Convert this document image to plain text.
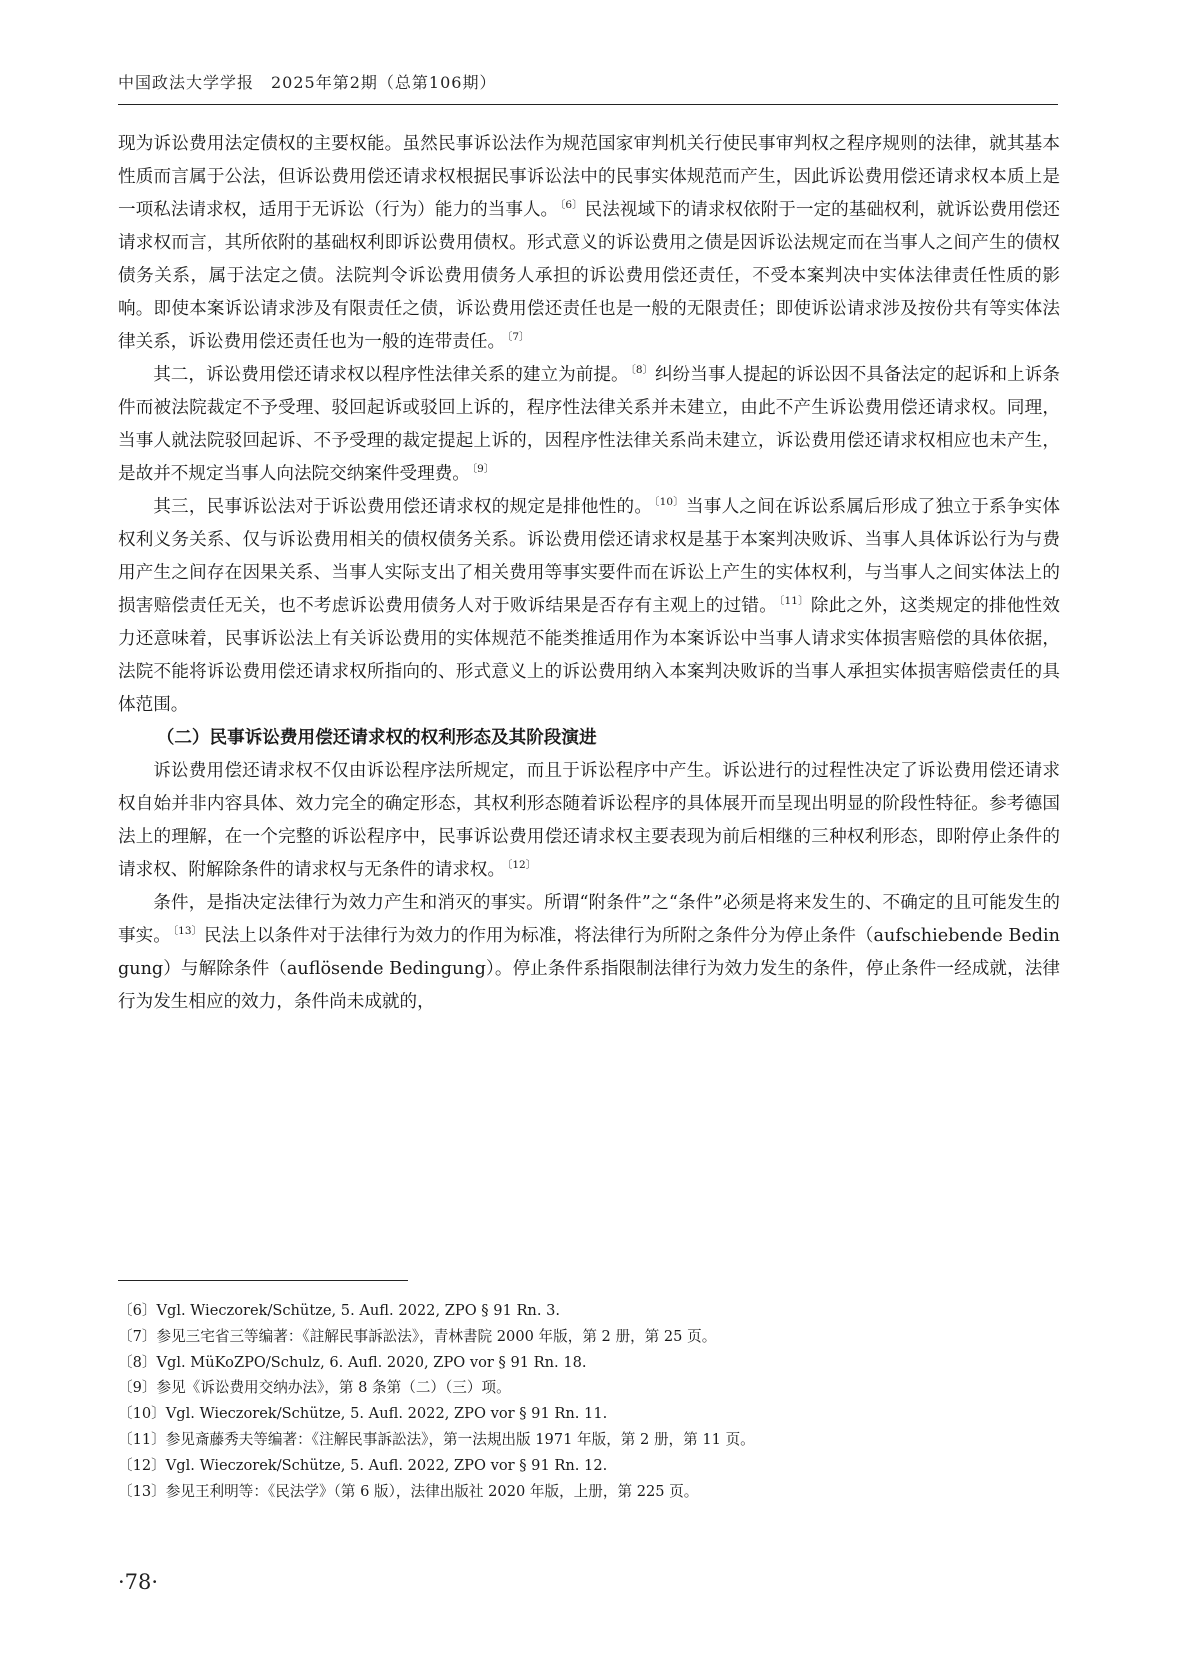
中国政法大学学报　2025年第2期（总第106期）

现为诉讼费用法定债权的主要权能。虽然民事诉讼法作为规范国家审判机关行使民事审判权之程序规则的法律，就其基本性质而言属于公法，但诉讼费用偿还请求权根据民事诉讼法中的民事实体规范而产生，因此诉讼费用偿还请求权本质上是一项私法请求权，适用于无诉讼（行为）能力的当事人。 $^{〔6〕}$ 民法视域下的请求权依附于一定的基础权利，就诉讼费用偿还请求权而言，其所依附的基础权利即诉讼费用债权。形式意义的诉讼费用之债是因诉讼法规定而在当事人之间产生的债权债务关系，属于法定之债。法院判令诉讼费用债务人承担的诉讼费用偿还责任，不受本案判决中实体法律责任性质的影响。即使本案诉讼请求涉及有限责任之债，诉讼费用偿还责任也是一般的无限责任；即使诉讼请求涉及按份共有等实体法律关系，诉讼费用偿还责任也为一般的连带责任。 $^{〔7〕}$

其二，诉讼费用偿还请求权以程序性法律关系的建立为前提。 $^{〔8〕}$ 纠纷当事人提起的诉讼因不具备法定的起诉和上诉条件而被法院裁定不予受理、驳回起诉或驳回上诉的，程序性法律关系并未建立，由此不产生诉讼费用偿还请求权。同理，当事人就法院驳回起诉、不予受理的裁定提起上诉的，因程序性法律关系尚未建立，诉讼费用偿还请求权相应也未产生，是故并不规定当事人向法院交纳案件受理费。 $^{〔9〕}$

其三，民事诉讼法对于诉讼费用偿还请求权的规定是排他性的。 $^{〔10〕}$ 当事人之间在诉讼系属后形成了独立于系争实体权利义务关系、仅与诉讼费用相关的债权债务关系。诉讼费用偿还请求权是基于本案判决败诉、当事人具体诉讼行为与费用产生之间存在因果关系、当事人实际支出了相关费用等事实要件而在诉讼上产生的实体权利，与当事人之间实体法上的损害赔偿责任无关，也不考虑诉讼费用债务人对于败诉结果是否存有主观上的过错。 $^{〔11〕}$ 除此之外，这类规定的排他性效力还意味着，民事诉讼法上有关诉讼费用的实体规范不能类推适用作为本案诉讼中当事人请求实体损害赔偿的具体依据，法院不能将诉讼费用偿还请求权所指向的、形式意义上的诉讼费用纳入本案判决败诉的当事人承担实体损害赔偿责任的具体范围。

（二）民事诉讼费用偿还请求权的权利形态及其阶段演进

诉讼费用偿还请求权不仅由诉讼程序法所规定，而且于诉讼程序中产生。诉讼进行的过程性决定了诉讼费用偿还请求权自始并非内容具体、效力完全的确定形态，其权利形态随着诉讼程序的具体展开而呈现出明显的阶段性特征。参考德国法上的理解，在一个完整的诉讼程序中，民事诉讼费用偿还请求权主要表现为前后相继的三种权利形态，即附停止条件的请求权、附解除条件的请求权与无条件的请求权。 $^{〔12〕}$

条件，是指决定法律行为效力产生和消灭的事实。所谓“附条件”之“条件”必须是将来发生的、不确定的且可能发生的事实。 $^{〔13〕}$ 民法上以条件对于法律行为效力的作用为标准，将法律行为所附之条件分为停止条件（aufschiebende Bedingung）与解除条件（auflösende Bedingung）。停止条件系指限制法律行为效力发生的条件，停止条件一经成就，法律行为发生相应的效力，条件尚未成就的，

〔6〕Vgl. Wieczorek/Schütze, 5. Aufl. 2022, ZPO § 91 Rn. 3.
〔7〕参见三宅省三等编著：《註解民事訴訟法》，青林書院 2000 年版，第 2 册，第 25 页。
〔8〕Vgl. MüKoZPO/Schulz, 6. Aufl. 2020, ZPO vor § 91 Rn. 18.
〔9〕参见《诉讼费用交纳办法》，第 8 条第（二）（三）项。
〔10〕Vgl. Wieczorek/Schütze, 5. Aufl. 2022, ZPO vor § 91 Rn. 11.
〔11〕参见斎藤秀夫等编著：《注解民事訴訟法》，第一法規出版 1971 年版，第 2 册，第 11 页。
〔12〕Vgl. Wieczorek/Schütze, 5. Aufl. 2022, ZPO vor § 91 Rn. 12.
〔13〕参见王利明等：《民法学》（第 6 版），法律出版社 2020 年版，上册，第 225 页。
·78·
